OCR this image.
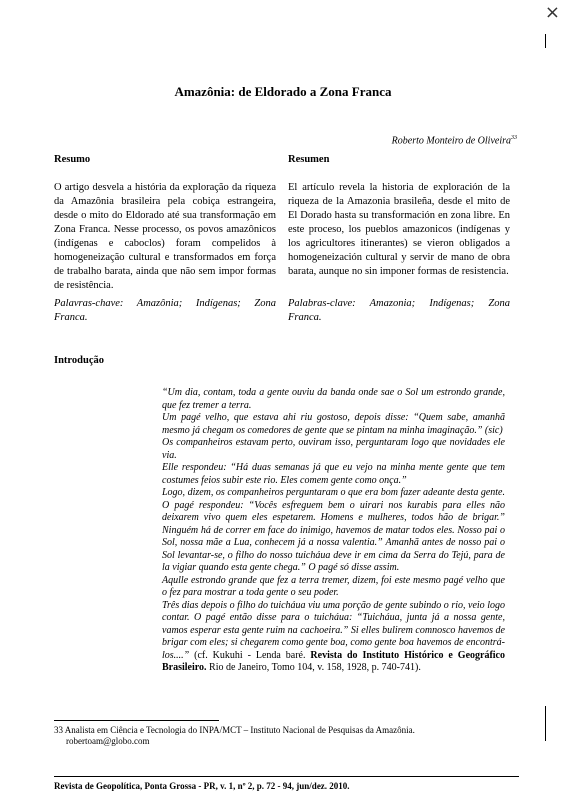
×
Amazônia: de Eldorado a Zona Franca
Roberto Monteiro de Oliveira$^{33}$
Resumo	Resumen
O artigo desvela a história da exploração da riqueza da Amazônia brasileira pela cobiça estrangeira, desde o mito do Eldorado até sua transformação em Zona Franca. Nesse processo, os povos amazônicos (indígenas e caboclos) foram compelidos à homogeneização cultural e transformados em força de trabalho barata, ainda que não sem impor formas de resistência.
El artículo revela la historia de exploración de la riqueza de la Amazonia brasileña, desde el mito de El Dorado hasta su transformación en zona libre. En este proceso, los pueblos amazonicos (indígenas y los agricultores itinerantes) se vieron obligados a homogeneización cultural y servir de mano de obra barata, aunque no sin imponer formas de resistencia.
Palavras-chave: Amazônia; Indígenas; Zona Franca.
Palabras-clave: Amazonia; Indígenas; Zona Franca.
Introdução

“Um dia, contam, toda a gente ouviu da banda onde sae o Sol um estrondo grande, que fez tremer a terra.

Um pagé velho, que estava ahi riu gostoso, depois disse: “Quem sabe, amanhã mesmo já chegam os comedores de gente que se pintam na minha imaginação.” (sic)

Os companheiros estavam perto, ouviram isso, perguntaram logo que novidades ele via.

Elle respondeu: “Há duas semanas já que eu vejo na minha mente gente que tem costumes feios subir este rio. Eles comem gente como onça.”

Logo, dizem, os companheiros perguntaram o que era bom fazer adeante desta gente. O pagé respondeu: “Vocês esfreguem bem o uirari nos kurabis para elles não deixarem vivo quem eles espetarem. Homens e mulheres, todos hão de brigar.” Ninguém há de correr em face do inimigo, havemos de matar todos eles. Nosso pai o Sol, nossa mãe a Lua, conhecem já a nossa valentia.” Amanhã antes de nosso pai o Sol levantar-se, o filho do nosso tuicháua deve ir em cima da Serra do Tejú, para de la vigiar quando esta gente chega.” O pagé só disse assim.

Aqulle estrondo grande que fez a terra tremer, dizem, foi este mesmo pagé velho que o fez para mostrar a toda gente o seu poder.

Três dias depois o filho do tuicháua viu uma porção de gente subindo o rio, veio logo contar. O pagé então disse para o tuicháua: “Tuicháua, junta já a nossa gente, vamos esperar esta gente ruim na cachoeira.” Si elles bulirem comnosco havemos de brigar com eles; si chegarem como gente boa, como gente boa havemos de encontrá-los....” (cf. Kukuhi - Lenda baré. Revista do Instituto Histórico e Geográfico Brasileiro. Rio de Janeiro, Tomo 104, v. 158, 1928, p. 740-741).

33 Analista em Ciência e Tecnologia do INPA/MCT – Instituto Nacional de Pesquisas da Amazônia.
robertoam@globo.com
Revista de Geopolítica, Ponta Grossa - PR, v. 1, nº 2, p. 72 - 94, jun/dez. 2010.
